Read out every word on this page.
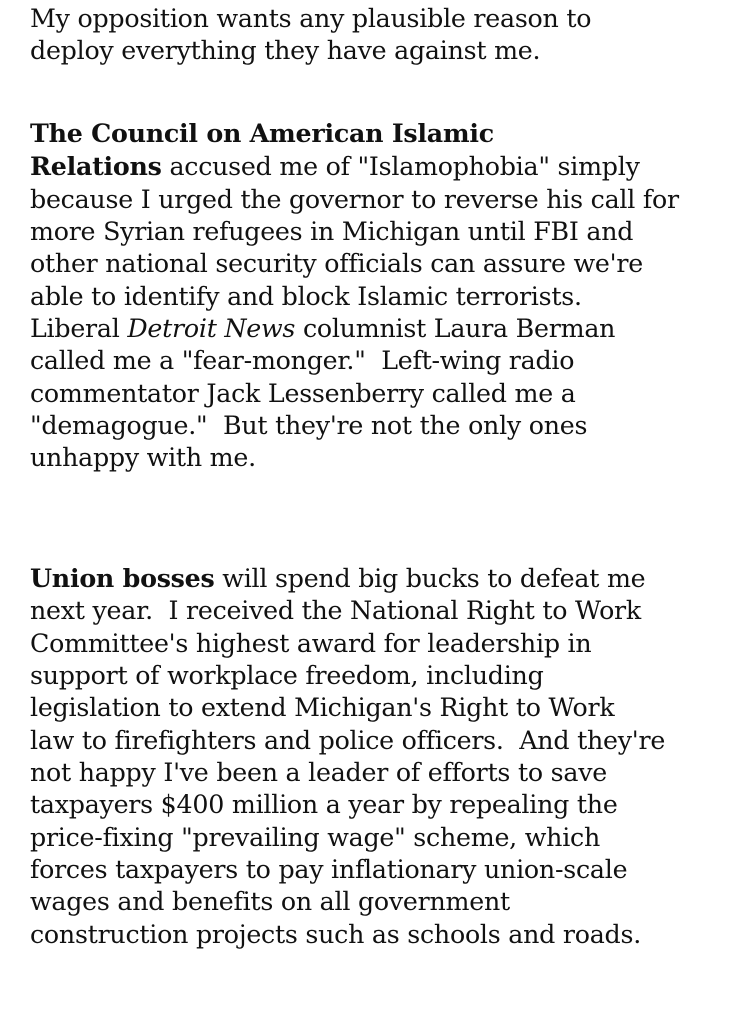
My opposition wants any plausible reason to
deploy everything they have against me.
The Council on American Islamic
Relations accused me of "Islamophobia" simply
because I urged the governor to reverse his call for
more Syrian refugees in Michigan until FBI and
other national security officials can assure we're
able to identify and block Islamic terrorists.
Liberal Detroit News columnist Laura Berman
called me a "fear-monger."  Left-wing radio
commentator Jack Lessenberry called me a
"demagogue."  But they're not the only ones
unhappy with me.
Union bosses will spend big bucks to defeat me
next year.  I received the National Right to Work
Committee's highest award for leadership in
support of workplace freedom, including
legislation to extend Michigan's Right to Work
law to firefighters and police officers.  And they're
not happy I've been a leader of efforts to save
taxpayers $400 million a year by repealing the
price-fixing "prevailing wage" scheme, which
forces taxpayers to pay inflationary union-scale
wages and benefits on all government
construction projects such as schools and roads.
